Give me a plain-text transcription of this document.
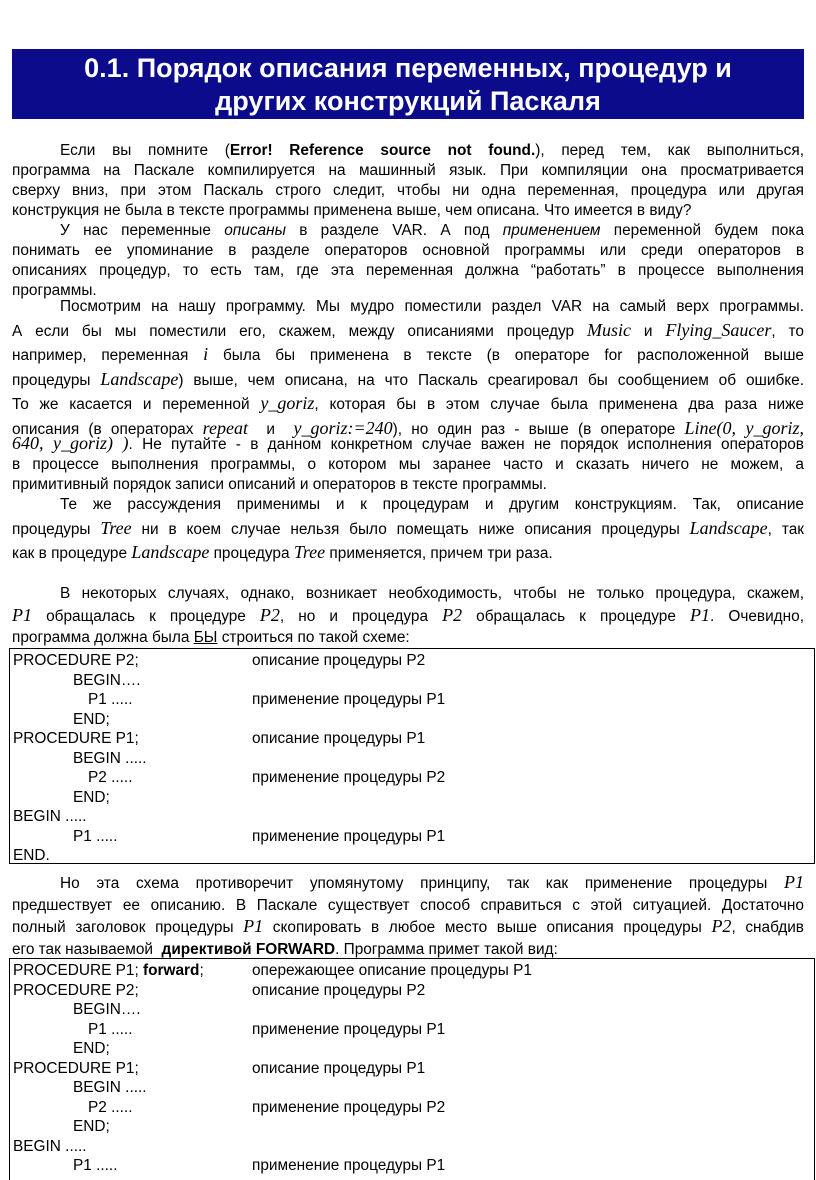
0.1. Порядок описания переменных, процедур и
других конструкций Паскаля

Если вы помните (Error! Reference source not found.), перед тем, как выполниться,
программа на Паскале компилируется на машинный язык. При компиляции она просматривается
сверху вниз, при этом Паскаль строго следит, чтобы ни одна переменная, процедура или другая
конструкция не была в тексте программы применена выше, чем описана. Что имеется в виду?

У нас переменные описаны в разделе VAR. А под применением переменной будем пока
понимать ее упоминание в разделе операторов основной программы или среди операторов в
описаниях процедур, то есть там, где эта переменная должна “работать” в процессе выполнения
программы.

Посмотрим на нашу программу. Мы мудро поместили раздел VAR на самый верх программы.
А если бы мы поместили его, скажем, между описаниями процедур Music и Flying_Saucer, то
например, переменная i была бы применена в тексте (в операторе for расположенной выше
процедуры Landscape) выше, чем описана, на что Паскаль среагировал бы сообщением об ошибке.
То же касается и переменной y_goriz, которая бы в этом случае была применена два раза ниже
описания (в операторах repeat  и  y_goriz:=240), но один раз - выше (в операторе Line(0, y_goriz,

640, y_goriz) ). Не путайте - в данном конкретном случае важен не порядок исполнения операторов
в процессе выполнения программы, о котором мы заранее часто и сказать ничего не можем, а
примитивный порядок записи описаний и операторов в тексте программы.

Те же рассуждения применимы и к процедурам и другим конструкциям. Так, описание

процедуры Tree ни в коем случае нельзя было помещать ниже описания процедуры Landscape, так
как в процедуре Landscape процедура Tree применяется, причем три раза.

В некоторых случаях, однако, возникает необходимость, чтобы не только процедура, скажем,
P1 обращалась к процедуре P2, но и процедура P2 обращалась к процедуре P1. Очевидно,
программа должна была БЫ строиться по такой схеме:

PROCEDURE P2;	описание процедуры P2
BEGIN….
P1 .....	применение процедуры P1
END;
PROCEDURE P1;	описание процедуры P1
BEGIN .....
P2 .....	применение процедуры P2
END;
BEGIN .....
P1 .....	применение процедуры P1
END.

Но эта схема противоречит упомянутому принципу, так как применение процедуры P1
предшествует ее описанию. В Паскале существует способ справиться с этой ситуацией. Достаточно
полный заголовок процедуры P1 скопировать в любое место выше описания процедуры P2, снабдив
его так называемой  директивой FORWARD. Программа примет такой вид:

PROCEDURE P1; forward;	опережающее описание процедуры P1
PROCEDURE P2;	описание процедуры P2
BEGIN….
P1 .....	применение процедуры P1
END;
PROCEDURE P1;	описание процедуры P1
BEGIN .....
P2 .....	применение процедуры P2
END;
BEGIN .....
P1 .....	применение процедуры P1
